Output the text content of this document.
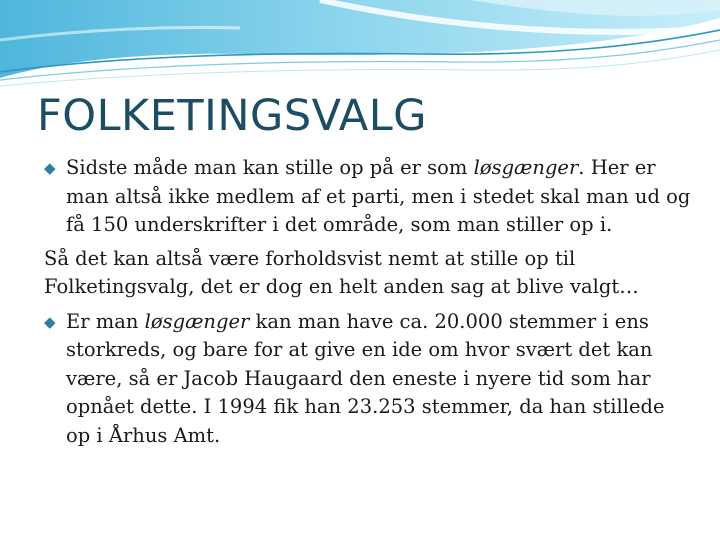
FOLKETINGSVALG

◆ Sidste måde man kan stille op på er som løsgænger. Her er man altså ikke medlem af et parti, men i stedet skal man ud og få 150 underskrifter i det område, som man stiller op i.

Så det kan altså være forholdsvist nemt at stille op til Folketingsvalg, det er dog en helt anden sag at blive valgt…

◆ Er man løsgænger kan man have ca. 20.000 stemmer i ens storkreds, og bare for at give en ide om hvor svært det kan være, så er Jacob Haugaard den eneste i nyere tid som har opnået dette. I 1994 fik han 23.253 stemmer, da han stillede op i Århus Amt.
